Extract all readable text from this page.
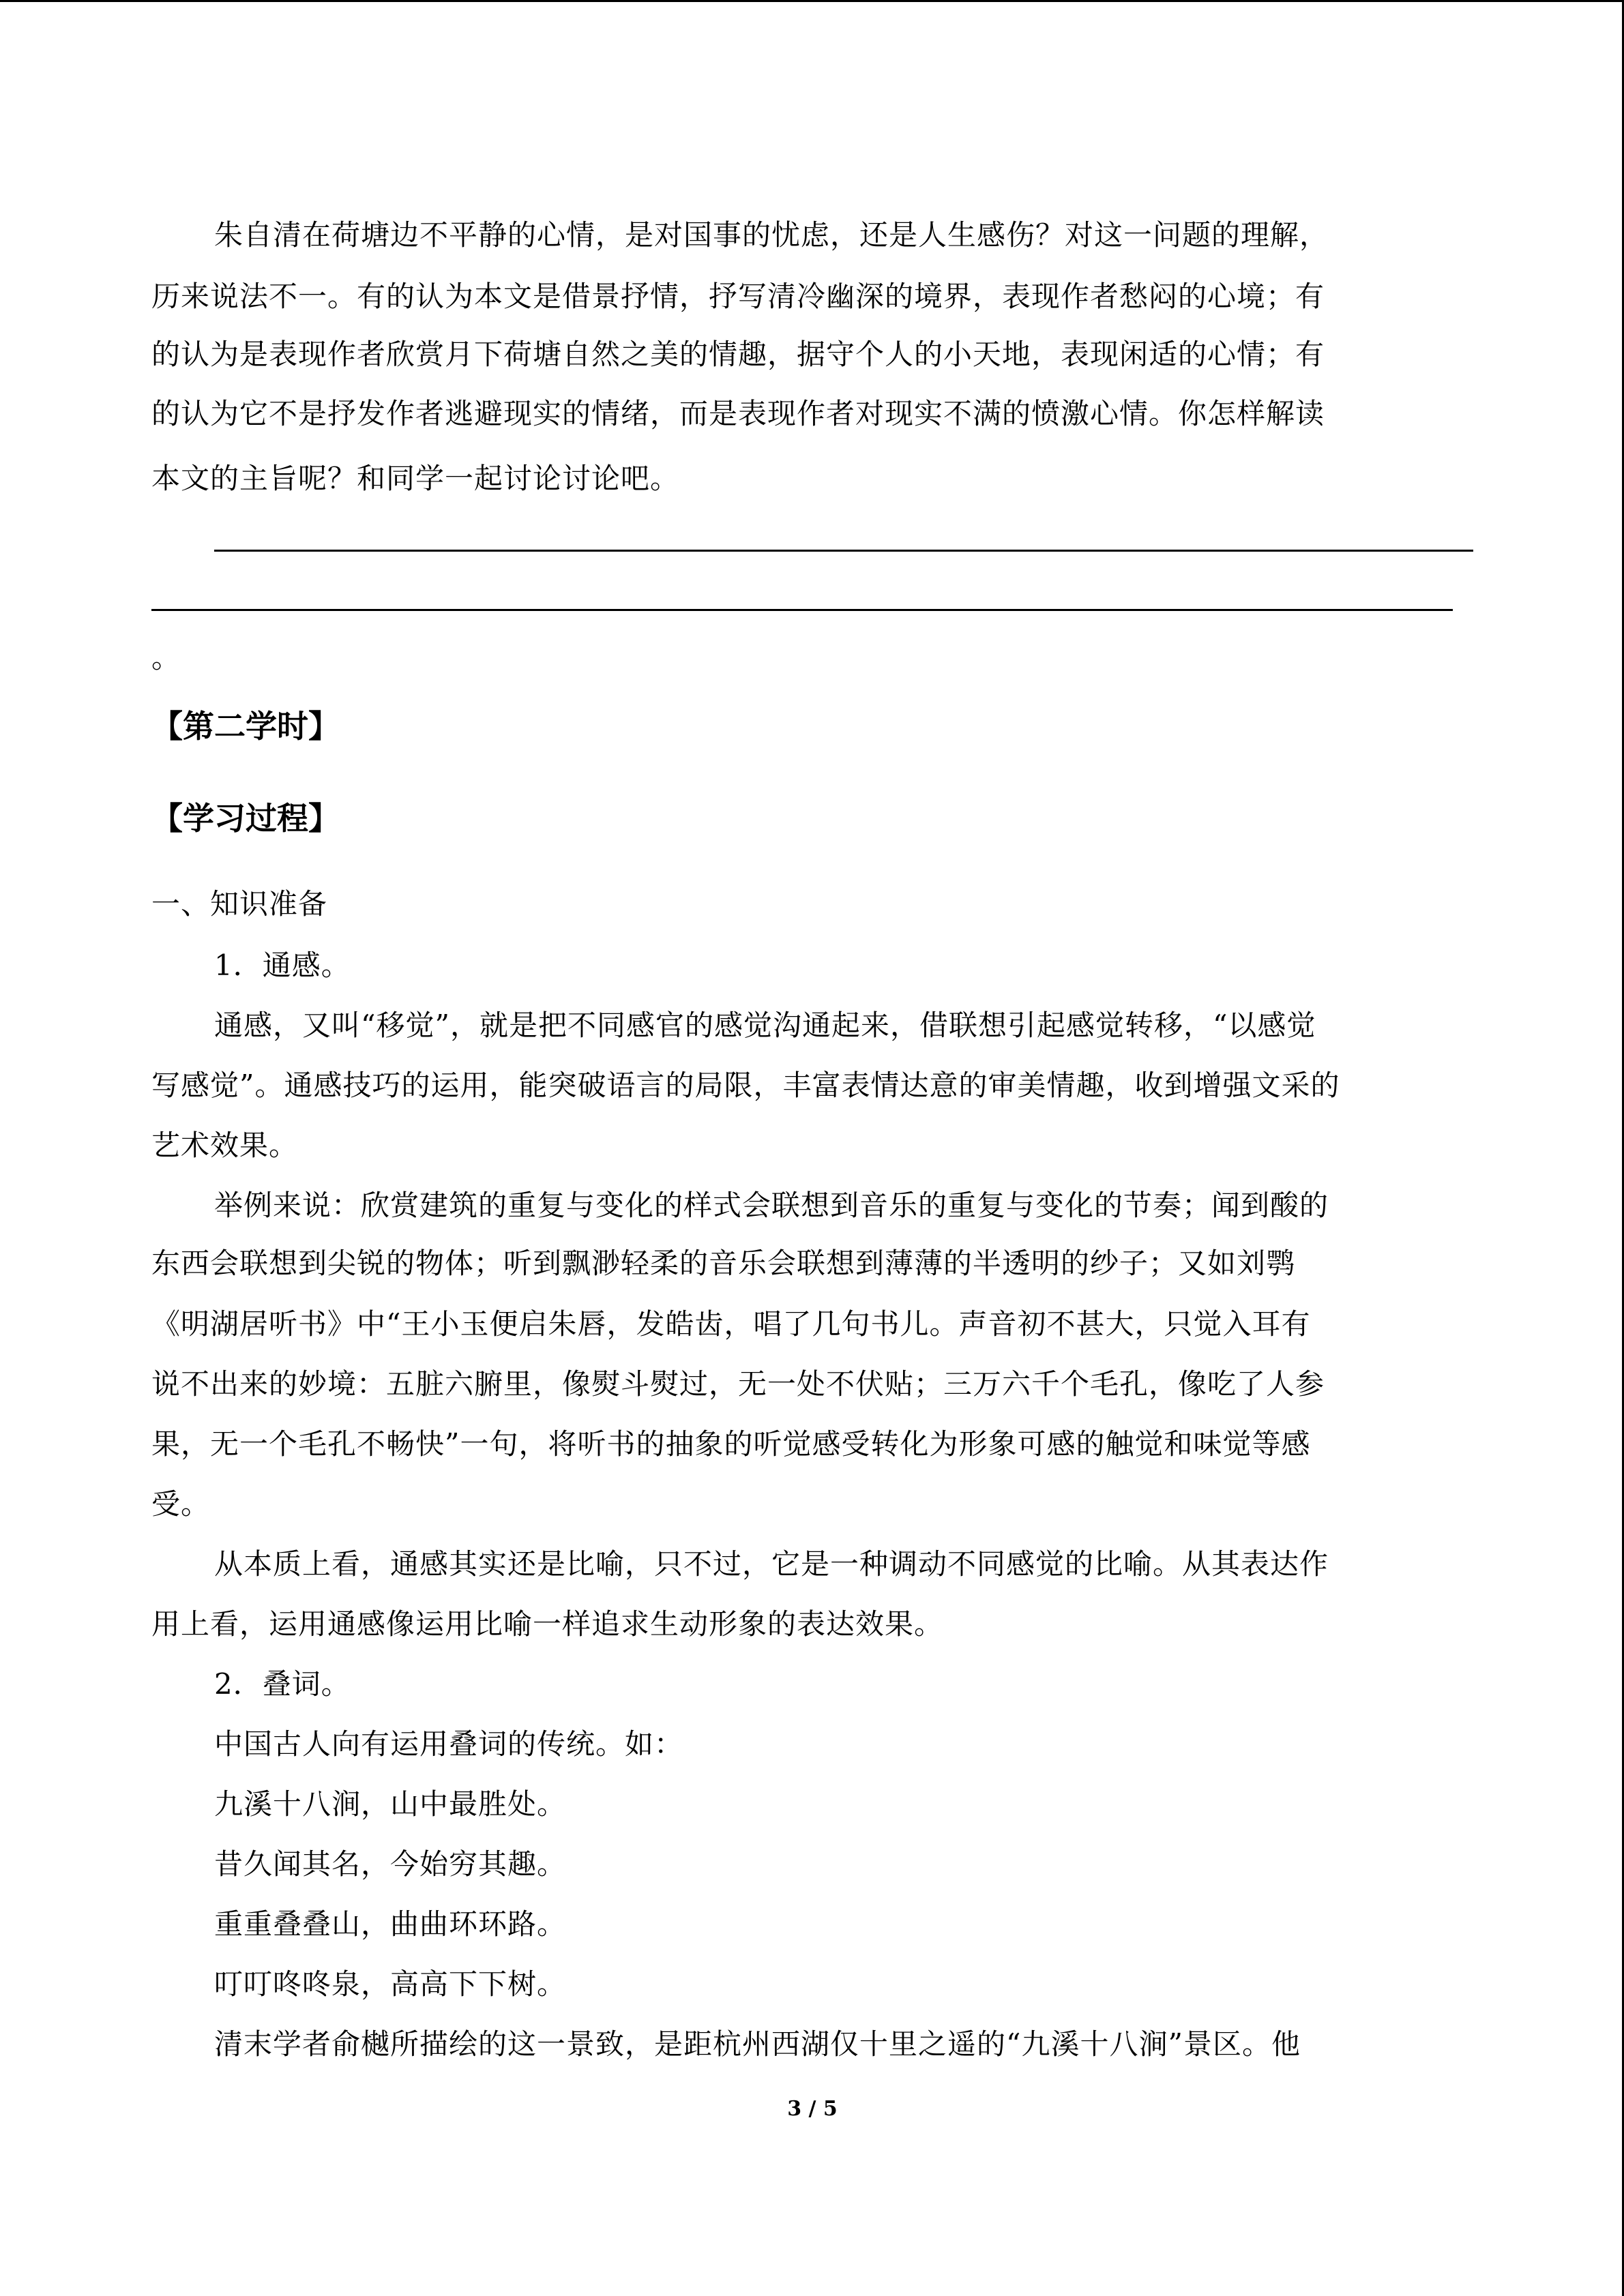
朱自清在荷塘边不平静的心情，是对国事的忧虑，还是人生感伤？对这一问题的理解，
历来说法不一。有的认为本文是借景抒情，抒写清冷幽深的境界，表现作者愁闷的心境；有
的认为是表现作者欣赏月下荷塘自然之美的情趣，据守个人的小天地，表现闲适的心情；有
的认为它不是抒发作者逃避现实的情绪，而是表现作者对现实不满的愤激心情。你怎样解读
本文的主旨呢？和同学一起讨论讨论吧。
。
【第二学时】
【学习过程】
一、知识准备
1．通感。
通感，又叫“移觉”，就是把不同感官的感觉沟通起来，借联想引起感觉转移，“以感觉
写感觉”。通感技巧的运用，能突破语言的局限，丰富表情达意的审美情趣，收到增强文采的
艺术效果。
举例来说：欣赏建筑的重复与变化的样式会联想到音乐的重复与变化的节奏；闻到酸的
东西会联想到尖锐的物体；听到飘渺轻柔的音乐会联想到薄薄的半透明的纱子；又如刘鹗
《明湖居听书》中“王小玉便启朱唇，发皓齿，唱了几句书儿。声音初不甚大，只觉入耳有
说不出来的妙境：五脏六腑里，像熨斗熨过，无一处不伏贴；三万六千个毛孔，像吃了人参
果，无一个毛孔不畅快”一句，将听书的抽象的听觉感受转化为形象可感的触觉和味觉等感
受。
从本质上看，通感其实还是比喻，只不过，它是一种调动不同感觉的比喻。从其表达作
用上看，运用通感像运用比喻一样追求生动形象的表达效果。
2．叠词。
中国古人向有运用叠词的传统。如：
九溪十八涧，山中最胜处。
昔久闻其名，今始穷其趣。
重重叠叠山，曲曲环环路。
叮叮咚咚泉，高高下下树。
清末学者俞樾所描绘的这一景致，是距杭州西湖仅十里之遥的“九溪十八涧”景区。他
3 / 5
